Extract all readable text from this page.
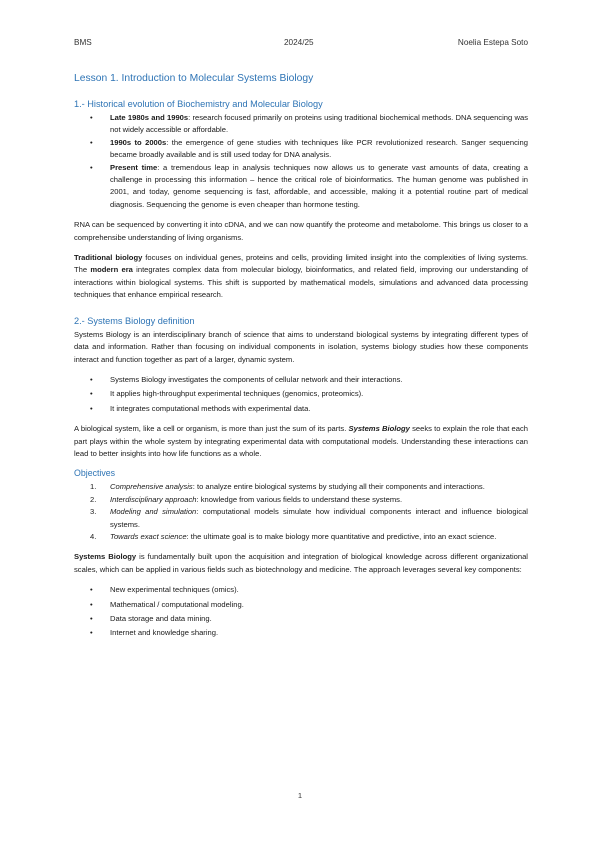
BMS	2024/25	Noelia Estepa Soto
Lesson 1. Introduction to Molecular Systems Biology
1.- Historical evolution of Biochemistry and Molecular Biology
• Late 1980s and 1990s: research focused primarily on proteins using traditional biochemical methods. DNA sequencing was not widely accessible or affordable.
• 1990s to 2000s: the emergence of gene studies with techniques like PCR revolutionized research. Sanger sequencing became broadly available and is still used today for DNA analysis.
• Present time: a tremendous leap in analysis techniques now allows us to generate vast amounts of data, creating a challenge in processing this information – hence the critical role of bioinformatics. The human genome was published in 2001, and today, genome sequencing is fast, affordable, and accessible, making it a potential routine part of medical diagnosis. Sequencing the genome is even cheaper than hormone testing.

RNA can be sequenced by converting it into cDNA, and we can now quantify the proteome and metabolome. This brings us closer to a comprehensibe understanding of living organisms.

Traditional biology focuses on individual genes, proteins and cells, providing limited insight into the complexities of living systems. The modern era integrates complex data from molecular biology, bioinformatics, and related field, improving our understanding of interactions within biological systems. This shift is supported by mathematical models, simulations and advanced data processing techniques that enhance empirical research.

2.- Systems Biology definition

Systems Biology is an interdisciplinary branch of science that aims to understand biological systems by integrating different types of data and information. Rather than focusing on individual components in isolation, systems biology studies how these components interact and function together as part of a larger, dynamic system.

• Systems Biology investigates the components of cellular network and their interactions.
• It applies high-throughput experimental techniques (genomics, proteomics).
• It integrates computational methods with experimental data.

A biological system, like a cell or organism, is more than just the sum of its parts. Systems Biology seeks to explain the role that each part plays within the whole system by integrating experimental data with computational models. Understanding these interactions can lead to better insights into how life functions as a whole.

Objectives
1. Comprehensive analysis: to analyze entire biological systems by studying all their components and interactions.
2. Interdisciplinary approach: knowledge from various fields to understand these systems.
3. Modeling and simulation: computational models simulate how individual components interact and influence biological systems.
4. Towards exact science: the ultimate goal is to make biology more quantitative and predictive, into an exact science.

Systems Biology is fundamentally built upon the acquisition and integration of biological knowledge across different organizational scales, which can be applied in various fields such as biotechnology and medicine. The approach leverages several key components:

• New experimental techniques (omics).
• Mathematical / computational modeling.
• Data storage and data mining.
• Internet and knowledge sharing.
1
